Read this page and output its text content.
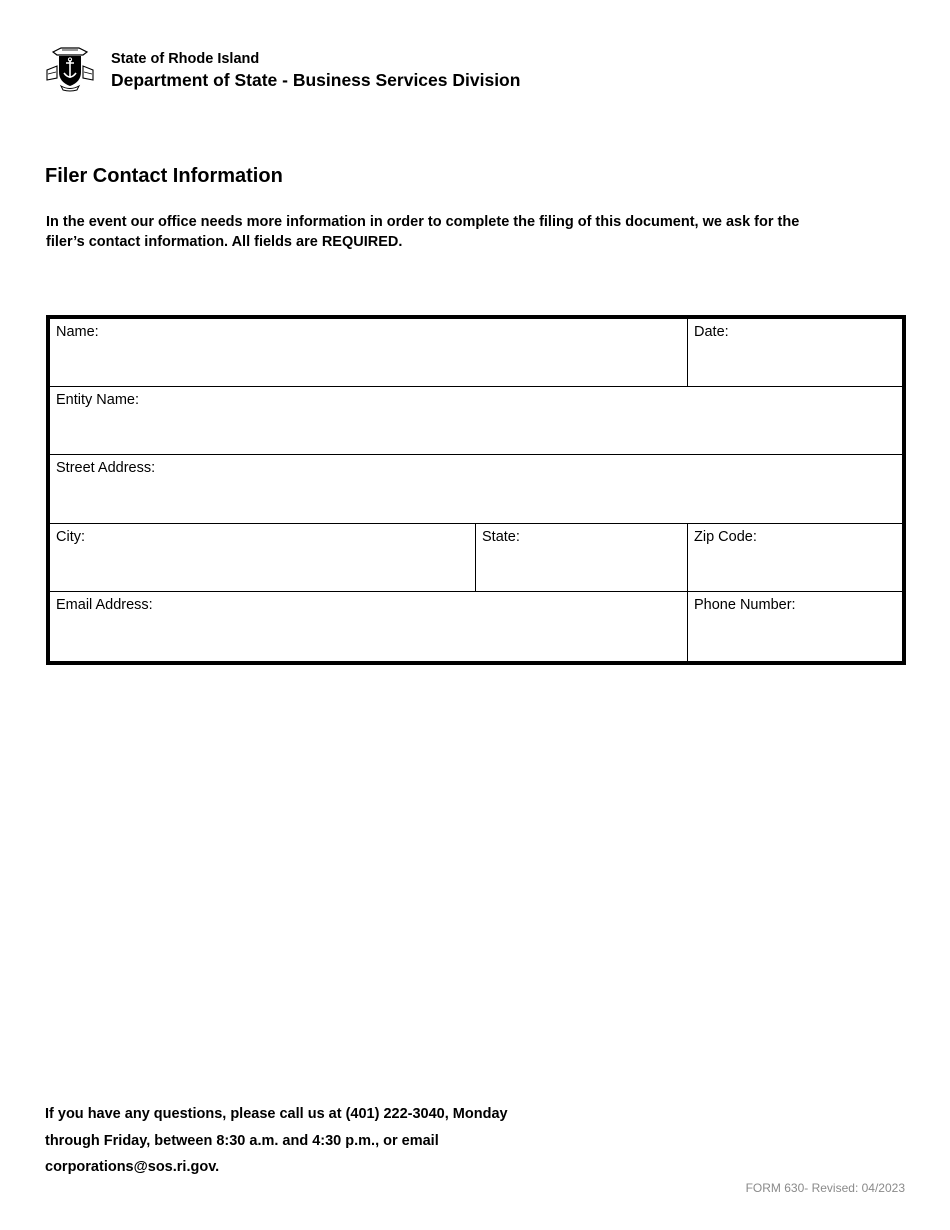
State of Rhode Island
Department of State - Business Services Division
Filer Contact Information

In the event our office needs more information in order to complete the filing of this document, we ask for the filer’s contact information. All fields are REQUIRED.

Name:	Date:
Entity Name:
Street Address:
City:	State:	Zip Code:
Email Address:	Phone Number:

If you have any questions, please call us at (401) 222-3040, Monday through Friday, between 8:30 a.m. and 4:30 p.m., or email corporations@sos.ri.gov.

FORM 630- Revised: 04/2023
